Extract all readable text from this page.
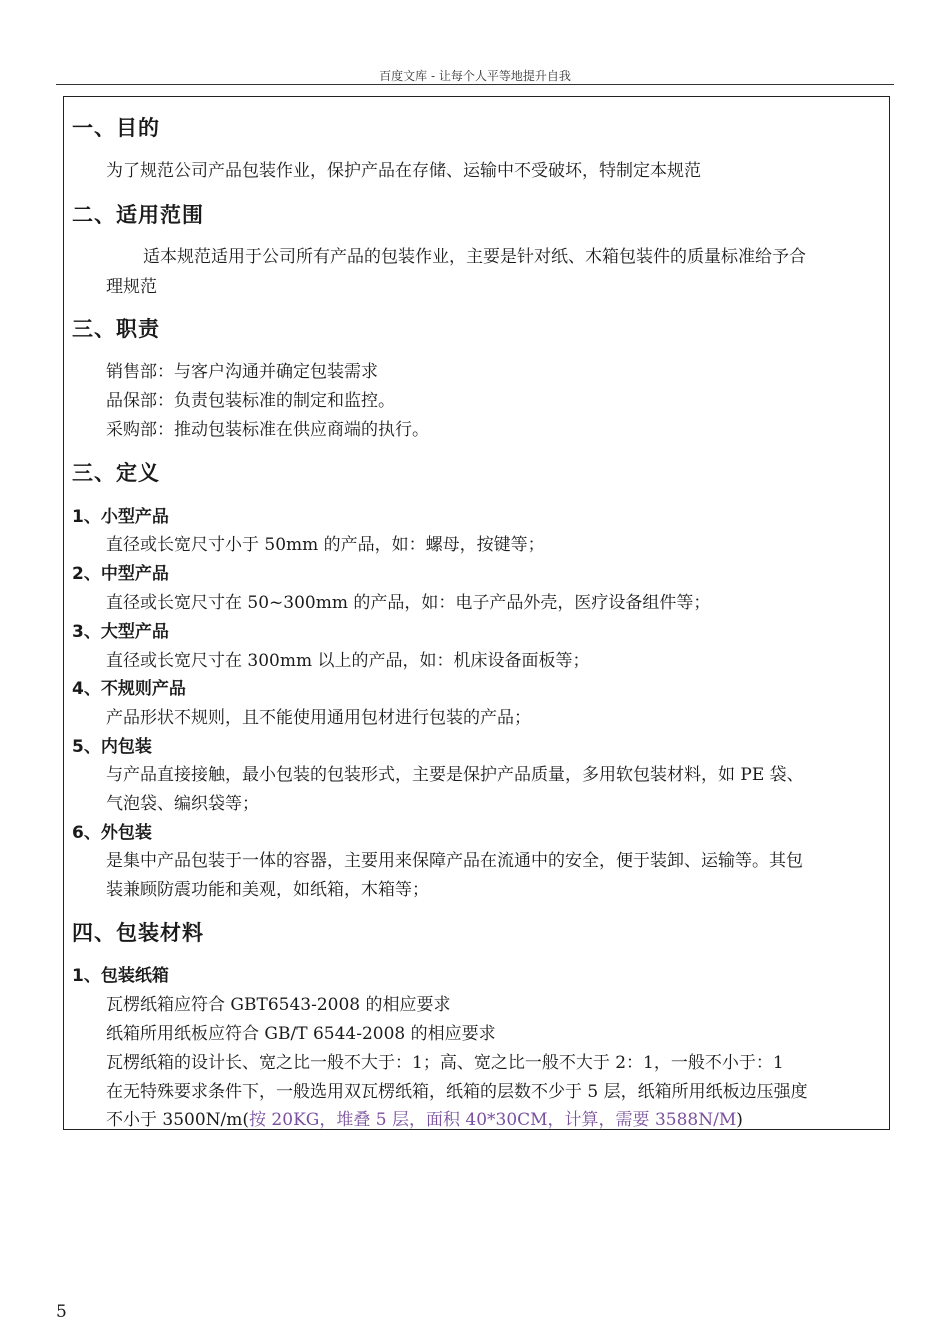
百度文库 - 让每个人平等地提升自我
一、目的
为了规范公司产品包装作业，保护产品在存储、运输中不受破坏，特制定本规范
二、适用范围
适本规范适用于公司所有产品的包装作业，主要是针对纸、木箱包装件的质量标准给予合
理规范
三、职责
销售部：与客户沟通并确定包装需求
品保部：负责包装标准的制定和监控。
采购部：推动包装标准在供应商端的执行。
三、定义
1、小型产品
直径或长宽尺寸小于 50mm 的产品，如：螺母，按键等；
2、中型产品
直径或长宽尺寸在 50~300mm 的产品，如：电子产品外壳，医疗设备组件等；
3、大型产品
直径或长宽尺寸在 300mm 以上的产品，如：机床设备面板等；
4、不规则产品
产品形状不规则，且不能使用通用包材进行包装的产品；
5、内包装
与产品直接接触，最小包装的包装形式，主要是保护产品质量，多用软包装材料，如 PE 袋、
气泡袋、编织袋等；
6、外包装
是集中产品包装于一体的容器，主要用来保障产品在流通中的安全，便于装卸、运输等。其包
装兼顾防震功能和美观，如纸箱，木箱等；
四、包装材料
1、包装纸箱
瓦楞纸箱应符合 GBT6543-2008 的相应要求
纸箱所用纸板应符合 GB/T 6544-2008 的相应要求
瓦楞纸箱的设计长、宽之比一般不大于：1；高、宽之比一般不大于 2：1，一般不小于：1
在无特殊要求条件下，一般选用双瓦楞纸箱，纸箱的层数不少于 5 层，纸箱所用纸板边压强度
不小于 3500N/m(按 20KG，堆叠 5 层，面积 40*30CM，计算，需要 3588N/M)
5
